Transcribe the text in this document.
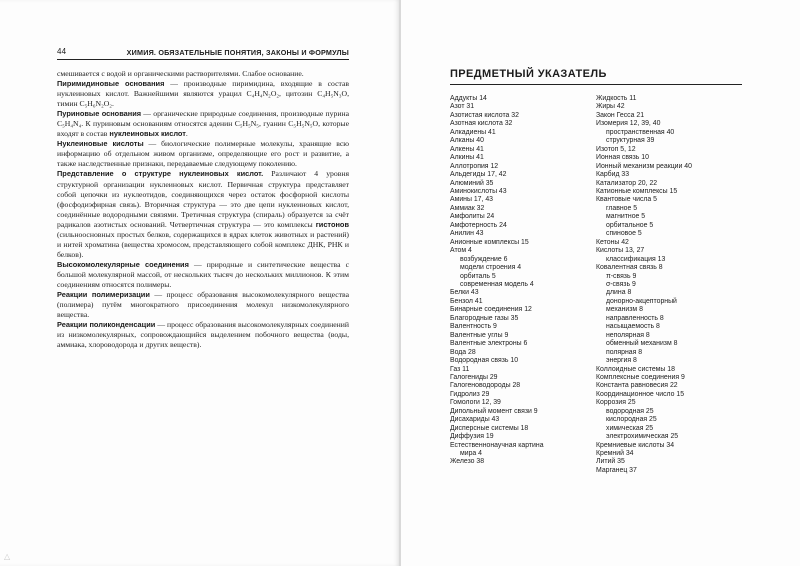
44	ХИМИЯ. ОБЯЗАТЕЛЬНЫЕ ПОНЯТИЯ, ЗАКОНЫ И ФОРМУЛЫ

смешивается с водой и органическими растворителями. Слабое основание.

Пиримидиновые основания — производные пиримидина, входящие в состав нуклеиновых кислот. Важнейшими являются урацил C₄H₄N₂O₂, цитозин C₄H₅N₃O, тимин C₅H₆N₂O₂.

Пуриновые основания — органические природные соединения, производные пурина C₅H₄N₄. К пуриновым основаниям относятся аденин C₅H₅N₅, гуанин C₅H₅N₅O, которые входят в состав нуклеиновых кислот.

Нуклеиновые кислоты — биологические полимерные молекулы, хранящие всю информацию об отдельном живом организме, определяющие его рост и развитие, а также наследственные признаки, передаваемые следующему поколению.

Представление о структуре нуклеиновых кислот. Различают 4 уровня структурной организации нуклеиновых кислот. Первичная структура представляет собой цепочки из нуклеотидов, соединяющихся через остаток фосфорной кислоты (фосфодиэфирная связь). Вторичная структура — это две цепи нуклеиновых кислот, соединённые водородными связями. Третичная структура (спираль) образуется за счёт радикалов азотистых оснований. Четвертичная структура — это комплексы гистонов (сильноосновных простых белков, содержащихся в ядрах клеток животных и растений) и нитей хроматина (вещества хромосом, представляющего собой комплекс ДНК, РНК и белков).

Высокомолекулярные соединения — природные и синтетические вещества с большой молекулярной массой, от нескольких тысяч до нескольких миллионов. К этим соединениям относятся полимеры.

Реакции полимеризации — процесс образования высокомолекулярного вещества (полимера) путём многократного присоединения молекул низкомолекулярного вещества.

Реакции поликонденсации — процесс образования высокомолекулярных соединений из низкомолекулярных, сопровождающийся выделением побочного вещества (воды, аммиака, хлороводорода и других веществ).

ПРЕДМЕТНЫЙ УКАЗАТЕЛЬ
Аддукты 14
Азот 31
Азотистая кислота 32
Азотная кислота 32
Алкадиены 41
Алканы 40
Алкены 41
Алкины 41
Аллотропия 12
Альдегиды 17, 42
Алюминий 35
Аминокислоты 43
Амины 17, 43
Аммиак 32
Амфолиты 24
Амфотерность 24
Анилин 43
Анионные комплексы 15
Атом 4
возбуждение 6
модели строения 4
орбиталь 5
современная модель 4
Белки 43
Бензол 41
Бинарные соединения 12
Благородные газы 35
Валентность 9
Валентные углы 9
Валентные электроны 6
Вода 28
Водородная связь 10
Газ 11
Галогениды 29
Галогеноводороды 28
Гидролиз 29
Гомологи 12, 39
Дипольный момент связи 9
Дисахариды 43
Дисперсные системы 18
Диффузия 19
Естественнонаучная картина
мира 4
Железо 38
Жидкость 11
Жиры 42
Закон Гесса 21
Изомерия 12, 39, 40
пространственная 40
структурная 39
Изотоп 5, 12
Ионная связь 10
Ионный механизм реакции 40
Карбид 33
Катализатор 20, 22
Катионные комплексы 15
Квантовые числа 5
главное 5
магнитное 5
орбитальное 5
спиновое 5
Кетоны 42
Кислоты 13, 27
классификация 13
Ковалентная связь 8
π-связь 9
σ-связь 9
длина 8
донорно-акцепторный
механизм 8
направленность 8
насыщаемость 8
неполярная 8
обменный механизм 8
полярная 8
энергия 8
Коллоидные системы 18
Комплексные соединения 9
Константа равновесия 22
Координационное число 15
Коррозия 25
водородная 25
кислородная 25
химическая 25
электрохимическая 25
Кремниевые кислоты 34
Кремний 34
Литий 35
Марганец 37
△
